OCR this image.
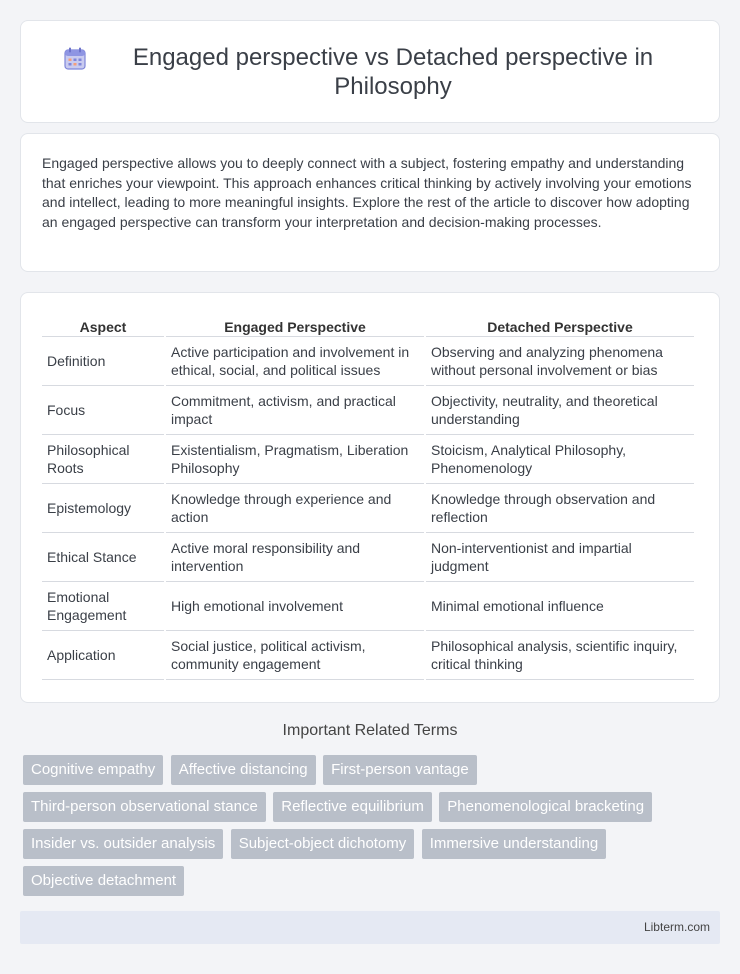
Engaged perspective vs Detached perspective in Philosophy

Engaged perspective allows you to deeply connect with a subject, fostering empathy and understanding that enriches your viewpoint. This approach enhances critical thinking by actively involving your emotions and intellect, leading to more meaningful insights. Explore the rest of the article to discover how adopting an engaged perspective can transform your interpretation and decision-making processes.

Aspect	Engaged Perspective	Detached Perspective
Definition	Active participation and involvement in ethical, social, and political issues	Observing and analyzing phenomena without personal involvement or bias
Focus	Commitment, activism, and practical impact	Objectivity, neutrality, and theoretical understanding
Philosophical Roots	Existentialism, Pragmatism, Liberation Philosophy	Stoicism, Analytical Philosophy, Phenomenology
Epistemology	Knowledge through experience and action	Knowledge through observation and reflection
Ethical Stance	Active moral responsibility and intervention	Non-interventionist and impartial judgment
Emotional Engagement	High emotional involvement	Minimal emotional influence
Application	Social justice, political activism, community engagement	Philosophical analysis, scientific inquiry, critical thinking
Important Related Terms
Cognitive empathy Affective distancing First-person vantage Third-person observational stance Reflective equilibrium Phenomenological bracketing Insider vs. outsider analysis Subject-object dichotomy Immersive understanding Objective detachment
Libterm.com
